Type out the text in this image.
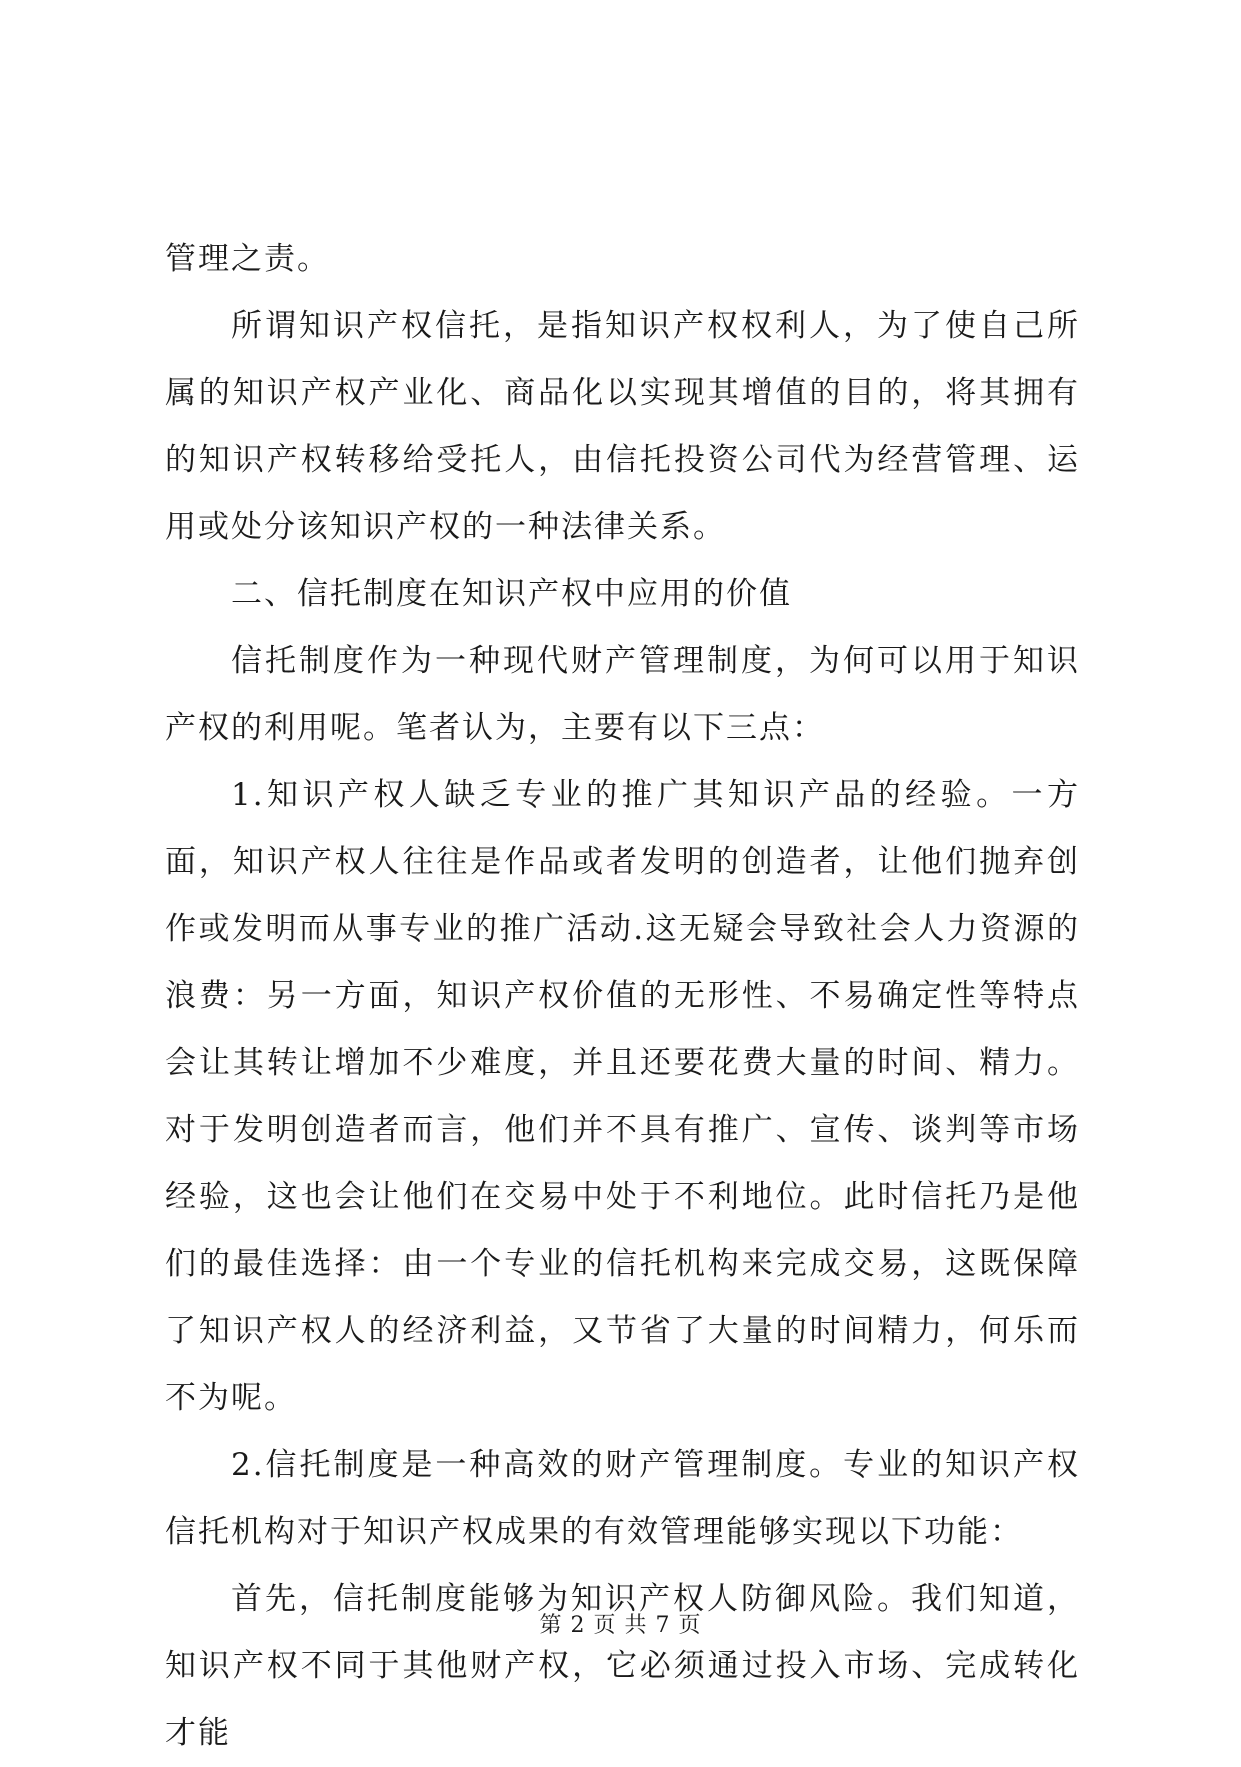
管理之责。

所谓知识产权信托，是指知识产权权利人，为了使自己所属的知识产权产业化、商品化以实现其增值的目的，将其拥有的知识产权转移给受托人，由信托投资公司代为经营管理、运用或处分该知识产权的一种法律关系。

二、信托制度在知识产权中应用的价值

信托制度作为一种现代财产管理制度，为何可以用于知识产权的利用呢。笔者认为，主要有以下三点：

1.知识产权人缺乏专业的推广其知识产品的经验。一方面，知识产权人往往是作品或者发明的创造者，让他们抛弃创作或发明而从事专业的推广活动.这无疑会导致社会人力资源的浪费：另一方面，知识产权价值的无形性、不易确定性等特点会让其转让增加不少难度，并且还要花费大量的时间、精力。对于发明创造者而言，他们并不具有推广、宣传、谈判等市场经验，这也会让他们在交易中处于不利地位。此时信托乃是他们的最佳选择：由一个专业的信托机构来完成交易，这既保障了知识产权人的经济利益，又节省了大量的时间精力，何乐而不为呢。

2.信托制度是一种高效的财产管理制度。专业的知识产权信托机构对于知识产权成果的有效管理能够实现以下功能：

首先，信托制度能够为知识产权人防御风险。我们知道，知识产权不同于其他财产权，它必须通过投入市场、完成转化才能

第 2 页 共 7 页
